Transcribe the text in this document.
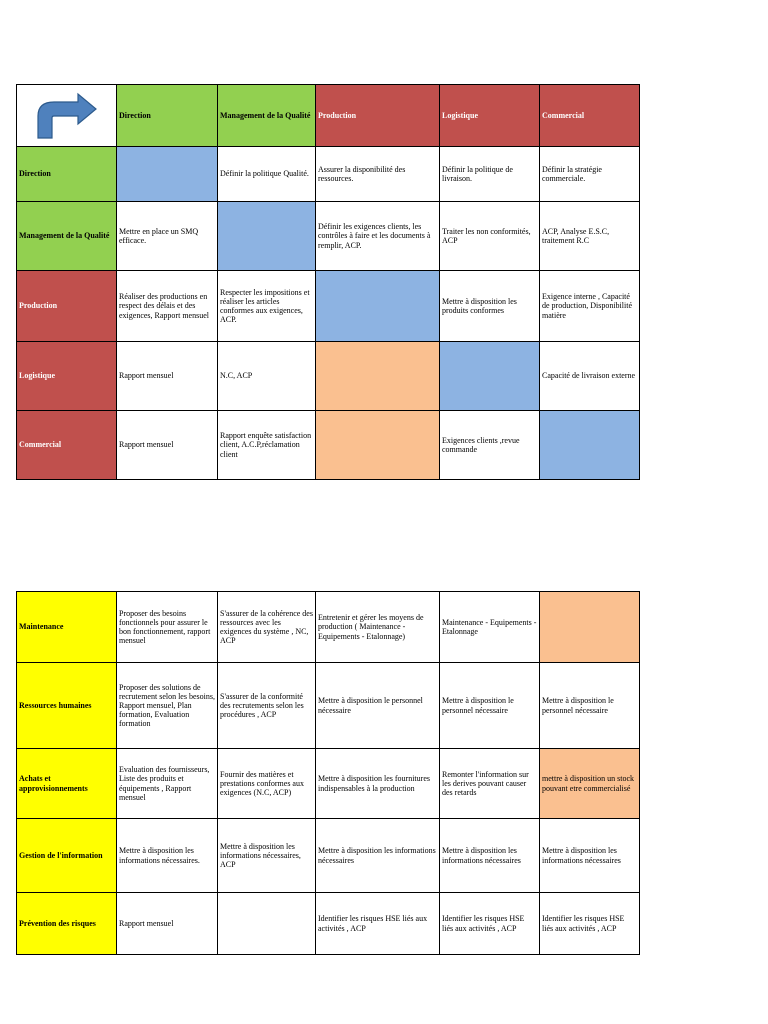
	Direction	Management de la Qualité	Production	Logistique	Commercial
Direction		Définir la politique Qualité.	Assurer la disponibilité des ressources.	Définir la politique de livraison.	Définir la stratégie commerciale.
Management de la Qualité	Mettre en place un SMQ efficace.		Définir les exigences clients, les contrôles à faire et les documents à remplir, ACP.	Traiter les non conformités, ACP	ACP, Analyse E.S.C, traitement R.C
Production	Réaliser des productions en respect des délais et des exigences, Rapport mensuel	Respecter les impositions et réaliser les articles conformes aux exigences, ACP.		Mettre à disposition les produits conformes	Exigence interne , Capacité de production, Disponibilité matière
Logistique	Rapport mensuel	N.C, ACP			Capacité de livraison externe
Commercial	Rapport mensuel	Rapport enquête satisfaction client, A.C.P,réclamation client		Exigences clients ,revue commande	
Maintenance	Proposer des besoins fonctionnels pour assurer le bon fonctionnement, rapport mensuel	S'assurer de la cohérence des ressources avec les exigences du système , NC, ACP	Entretenir et gérer les moyens de production ( Maintenance - Equipements - Etalonnage)	Maintenance - Equipements - Etalonnage	
Ressources humaines	Proposer des solutions de recrutement selon les besoins, Rapport mensuel, Plan formation, Evaluation formation	S'assurer de la conformité des recrutements selon les procédures , ACP	Mettre à disposition le personnel nécessaire	Mettre à disposition le personnel nécessaire	Mettre à disposition le personnel nécessaire
Achats et approvisionnements	Evaluation des fournisseurs, Liste des produits et équipements , Rapport mensuel	Fournir des matières et prestations conformes aux exigences (N.C, ACP)	Mettre à disposition les fournitures indispensables à la production	Remonter l'information sur les derives pouvant causer des retards	mettre à disposition un stock pouvant etre commercialisé
Gestion de l'information	Mettre à disposition les informations nécessaires.	Mettre à disposition les informations nécessaires, ACP	Mettre à disposition les informations nécessaires	Mettre à disposition les informations nécessaires	Mettre à disposition les informations nécessaires
Prévention des risques	Rapport mensuel		Identifier les risques HSE liés aux activités , ACP	Identifier les risques HSE liés aux activités , ACP	Identifier les risques HSE liés aux activités , ACP
